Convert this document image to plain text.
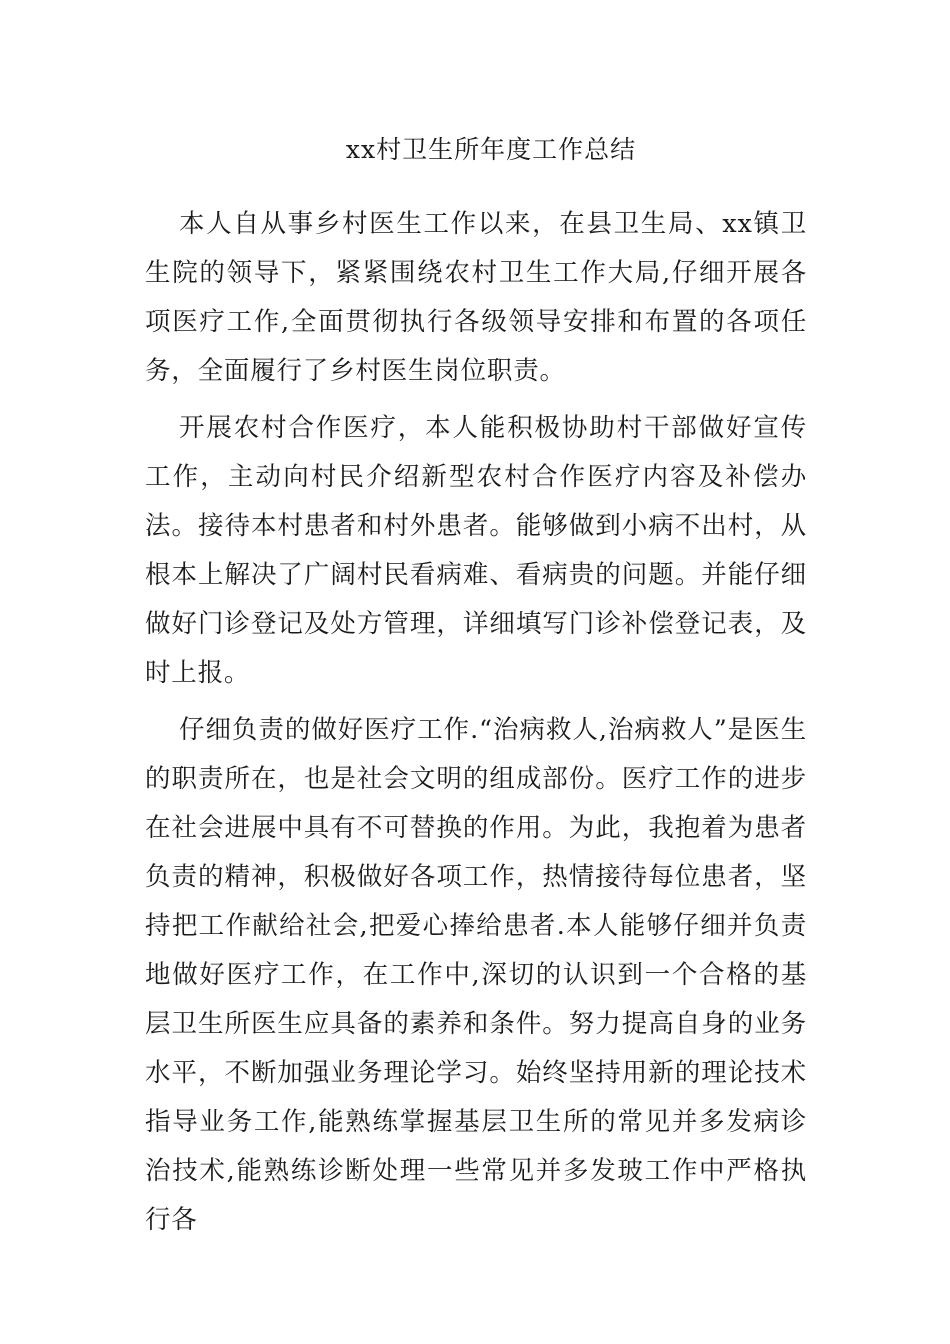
xx村卫生所年度工作总结

本人自从事乡村医生工作以来，在县卫生局、xx镇卫生院的领导下，紧紧围绕农村卫生工作大局,仔细开展各项医疗工作,全面贯彻执行各级领导安排和布置的各项任务，全面履行了乡村医生岗位职责。

开展农村合作医疗，本人能积极协助村干部做好宣传工作，主动向村民介绍新型农村合作医疗内容及补偿办法。接待本村患者和村外患者。能够做到小病不出村，从根本上解决了广阔村民看病难、看病贵的问题。并能仔细做好门诊登记及处方管理，详细填写门诊补偿登记表，及时上报。

仔细负责的做好医疗工作.“治病救人,治病救人”是医生的职责所在，也是社会文明的组成部份。医疗工作的进步在社会进展中具有不可替换的作用。为此，我抱着为患者负责的精神，积极做好各项工作，热情接待每位患者，坚持把工作献给社会,把爱心捧给患者.本人能够仔细并负责地做好医疗工作，在工作中,深切的认识到一个合格的基层卫生所医生应具备的素养和条件。努力提高自身的业务水平，不断加强业务理论学习。始终坚持用新的理论技术指导业务工作,能熟练掌握基层卫生所的常见并多发病诊治技术,能熟练诊断处理一些常见并多发玻工作中严格执行各
